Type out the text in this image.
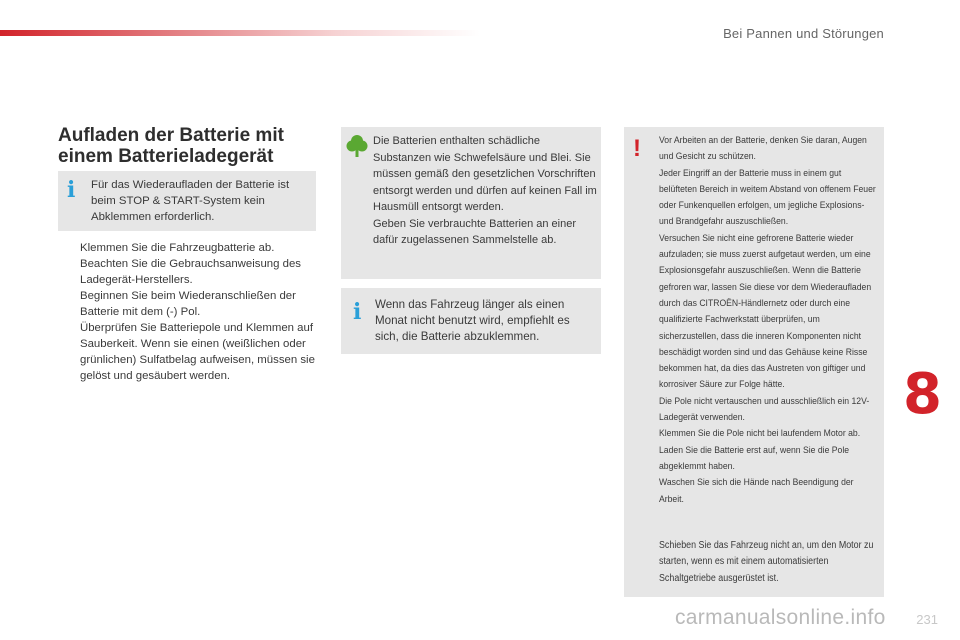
Bei Pannen und Störungen
Aufladen der Batterie mit
einem Batterieladegerät
i Für das Wiederaufladen der Batterie ist beim STOP & START-System kein Abklemmen erforderlich.
Klemmen Sie die Fahrzeugbatterie ab.
Beachten Sie die Gebrauchsanweisung des Ladegerät-Herstellers.
Beginnen Sie beim Wiederanschließen der Batterie mit dem (-) Pol.
Überprüfen Sie Batteriepole und Klemmen auf Sauberkeit. Wenn sie einen (weißlichen oder grünlichen) Sulfatbelag aufweisen, müssen sie gelöst und gesäubert werden.
Die Batterien enthalten schädliche Substanzen wie Schwefelsäure und Blei. Sie müssen gemäß den gesetzlichen Vorschriften entsorgt werden und dürfen auf keinen Fall im Hausmüll entsorgt werden.
Geben Sie verbrauchte Batterien an einer dafür zugelassenen Sammelstelle ab.
i Wenn das Fahrzeug länger als einen Monat nicht benutzt wird, empfiehlt es sich, die Batterie abzuklemmen.
! Vor Arbeiten an der Batterie, denken Sie daran, Augen und Gesicht zu schützen.
Jeder Eingriff an der Batterie muss in einem gut belüfteten Bereich in weitem Abstand von offenem Feuer oder Funkenquellen erfolgen, um jegliche Explosions- und Brandgefahr auszuschließen.
Versuchen Sie nicht eine gefrorene Batterie wieder aufzuladen; sie muss zuerst aufgetaut werden, um eine Explosionsgefahr auszuschließen. Wenn die Batterie gefroren war, lassen Sie diese vor dem Wiederaufladen durch das CITROËN-Händlernetz oder durch eine qualifizierte Fachwerkstatt überprüfen, um sicherzustellen, dass die inneren Komponenten nicht beschädigt worden sind und das Gehäuse keine Risse bekommen hat, da dies das Austreten von giftiger und korrosiver Säure zur Folge hätte.
Die Pole nicht vertauschen und ausschließlich ein 12V-Ladegerät verwenden.
Klemmen Sie die Pole nicht bei laufendem Motor ab.
Laden Sie die Batterie erst auf, wenn Sie die Pole abgeklemmt haben.
Waschen Sie sich die Hände nach Beendigung der Arbeit.
Schieben Sie das Fahrzeug nicht an, um den Motor zu starten, wenn es mit einem automatisierten Schaltgetriebe ausgerüstet ist.
8
carmanualsonline.info 231
